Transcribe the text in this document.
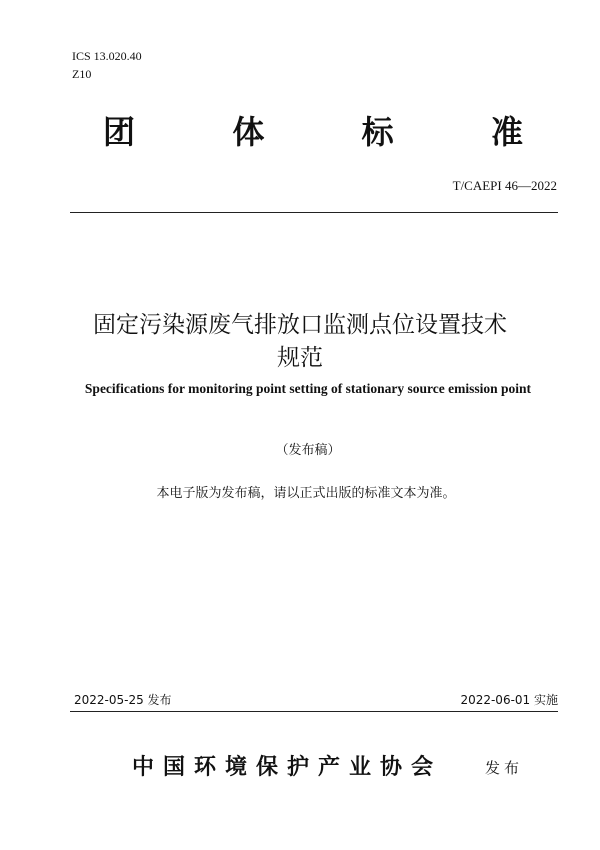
ICS 13.020.40
Z10
团	体	标	准
T/CAEPI 46—2022
固定污染源废气排放口监测点位设置技术
规范
Specifications for monitoring point setting of stationary source emission point
（发布稿）
本电子版为发布稿，请以正式出版的标准文本为准。
2022-05-25 发布	2022-06-01 实施
中国环境保护产业协会	发布
